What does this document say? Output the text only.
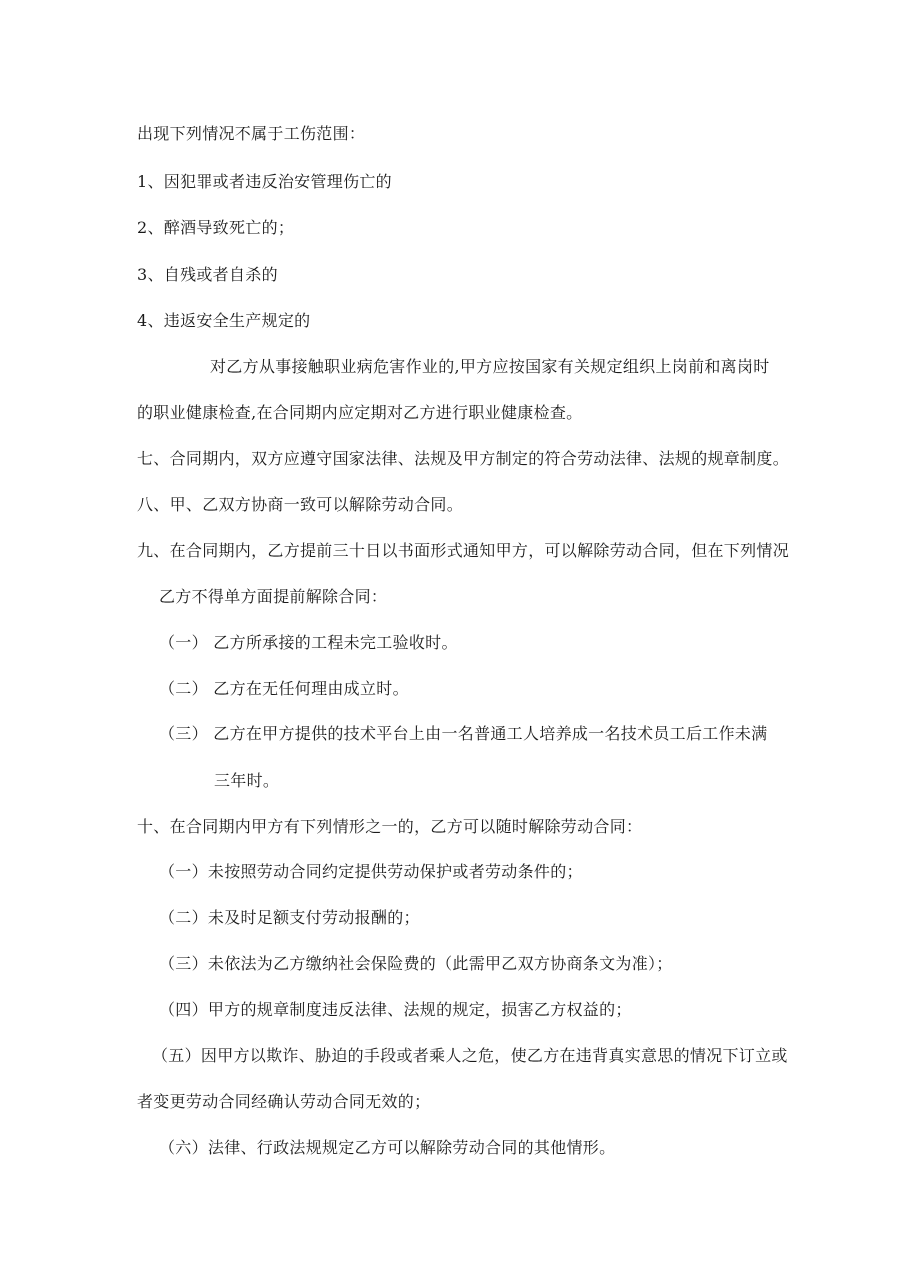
出现下列情况不属于工伤范围：
1、因犯罪或者违反治安管理伤亡的
2、醉酒导致死亡的；
3、自残或者自杀的
4、违返安全生产规定的
对乙方从事接触职业病危害作业的,甲方应按国家有关规定组织上岗前和离岗时
的职业健康检查,在合同期内应定期对乙方进行职业健康检查。
七、合同期内，双方应遵守国家法律、法规及甲方制定的符合劳动法律、法规的规章制度。
八、甲、乙双方协商一致可以解除劳动合同。
九、在合同期内，乙方提前三十日以书面形式通知甲方，可以解除劳动合同，但在下列情况
乙方不得单方面提前解除合同：
（一） 乙方所承接的工程未完工验收时。
（二） 乙方在无任何理由成立时。
（三） 乙方在甲方提供的技术平台上由一名普通工人培养成一名技术员工后工作未满
三年时。
十、在合同期内甲方有下列情形之一的，乙方可以随时解除劳动合同：
（一）未按照劳动合同约定提供劳动保护或者劳动条件的；
（二）未及时足额支付劳动报酬的；
（三）未依法为乙方缴纳社会保险费的（此需甲乙双方协商条文为准）；
（四）甲方的规章制度违反法律、法规的规定，损害乙方权益的；
（五）因甲方以欺诈、胁迫的手段或者乘人之危，使乙方在违背真实意思的情况下订立或
者变更劳动合同经确认劳动合同无效的；
（六）法律、行政法规规定乙方可以解除劳动合同的其他情形。
